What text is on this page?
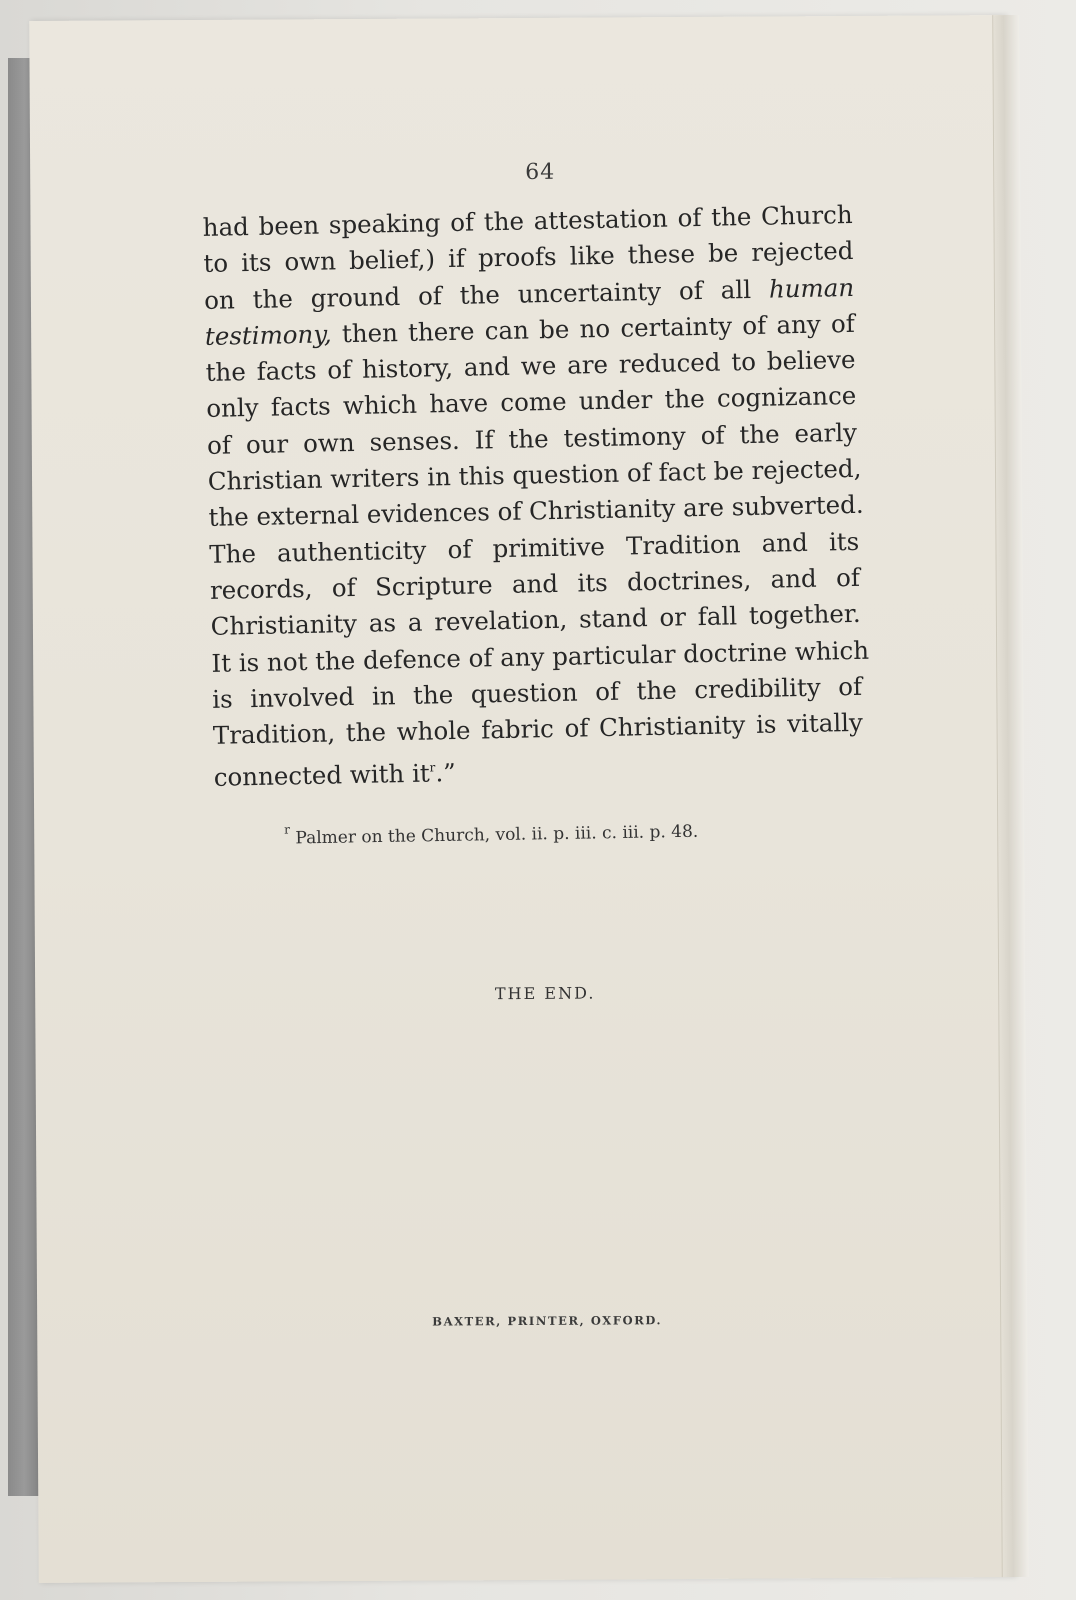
64
had been speaking of the attestation of the Church
to its own belief,) if proofs like these be rejected
on the ground of the uncertainty of all human
testimony, then there can be no certainty of any of
the facts of history, and we are reduced to believe
only facts which have come under the cognizance
of our own senses. If the testimony of the early
Christian writers in this question of fact be rejected,
the external evidences of Christianity are subverted.
The authenticity of primitive Tradition and its
records, of Scripture and its doctrines, and of
Christianity as a revelation, stand or fall together.
It is not the defence of any particular doctrine which
is involved in the question of the credibility of
Tradition, the whole fabric of Christianity is vitally
connected with $it^r$.”
$^r$ Palmer on the Church, vol. ii. p. iii. c. iii. p. 48.
THE END.
BAXTER, PRINTER, OXFORD.
